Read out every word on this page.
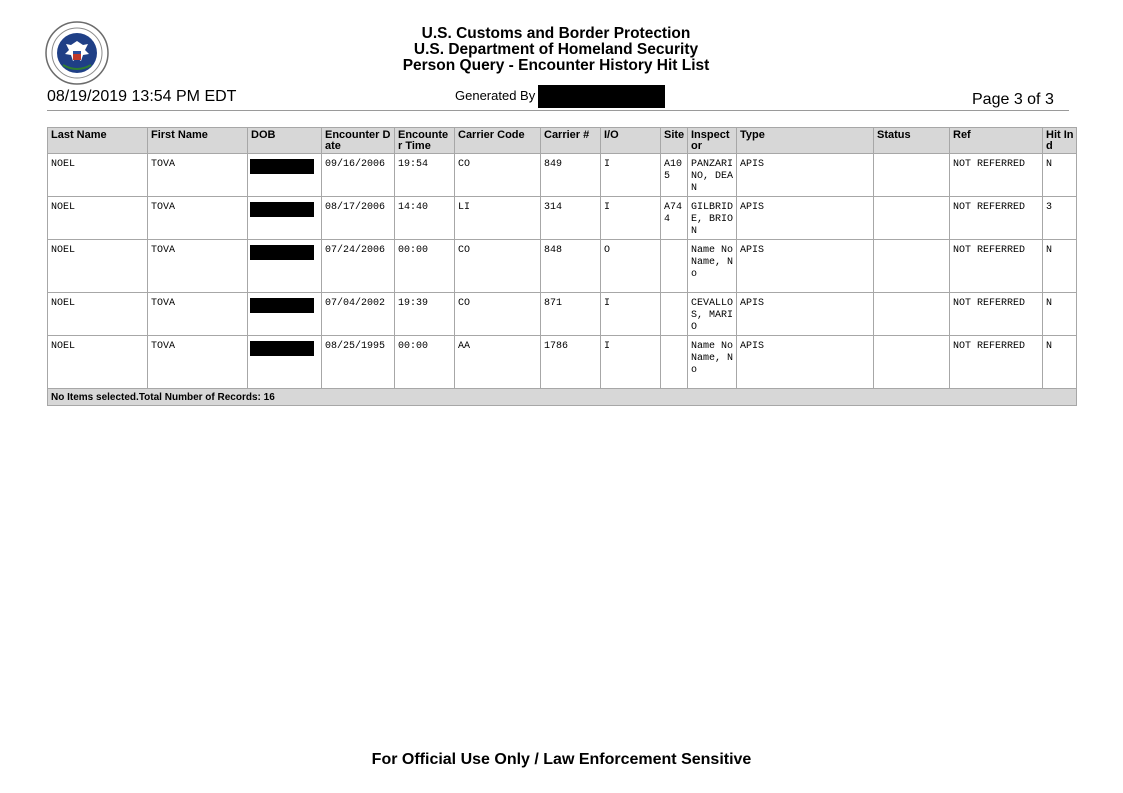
U.S. Customs and Border Protection
U.S. Department of Homeland Security
Person Query - Encounter History Hit List
08/19/2019 13:54 PM EDT	Generated By	Page 3 of 3
Last Name	First Name	DOB	Encounter Date	Encounter Time	Carrier Code	Carrier #	I/O	Site	Inspector	Type	Status	Ref	Hit Ind
NOEL	TOVA		09/16/2006	19:54	CO	849	I	A105	PANZARINO, DEAN	APIS		NOT REFERRED	N
NOEL	TOVA		08/17/2006	14:40	LI	314	I	A744	GILBRIDE, BRION	APIS		NOT REFERRED	3
NOEL	TOVA		07/24/2006	00:00	CO	848	O		Name No Name, No	APIS		NOT REFERRED	N
NOEL	TOVA		07/04/2002	19:39	CO	871	I		CEVALLOS, MARIO	APIS		NOT REFERRED	N
NOEL	TOVA		08/25/1995	00:00	AA	1786	I		Name No Name, No	APIS		NOT REFERRED	N
No Items selected.Total Number of Records: 16													
For Official Use Only / Law Enforcement Sensitive
